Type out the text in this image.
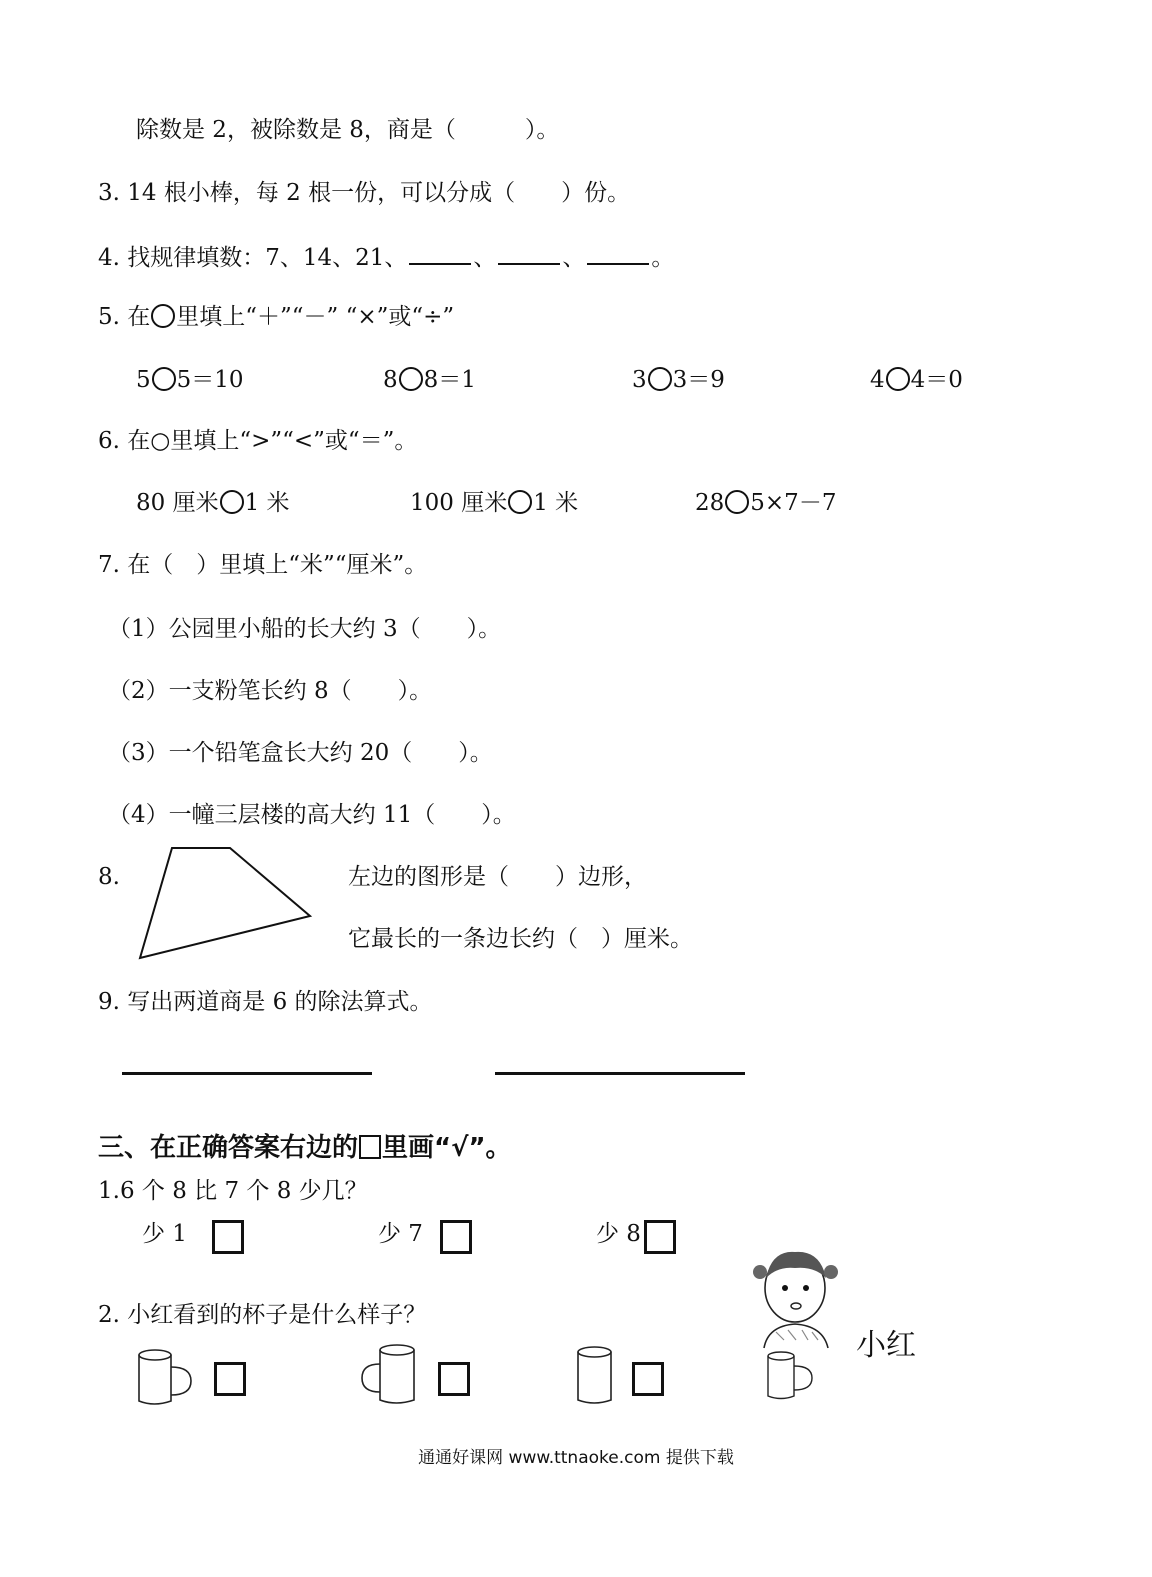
除数是 2，被除数是 8，商是（　　　）。
3. 14 根小棒，每 2 根一份，可以分成（　　）份。
4. 找规律填数：7、14、21、	、	、	。
5. 在 里填上“＋”“－” “×”或“÷”
5 5＝10	8 8＝1	3 3＝9	4 4＝0
6. 在○里填上“>”“<”或“＝”。
80 厘米 1 米	100 厘米 1 米	28 5×7－7
7. 在（　）里填上“米”“厘米”。
（1）公园里小船的长大约 3（　　）。
（2）一支粉笔长约 8（　　）。
（3）一个铅笔盒长大约 20（　　）。
（4）一幢三层楼的高大约 11（　　）。
8.	左边的图形是（　　）边形，
它最长的一条边长约（　）厘米。
9. 写出两道商是 6 的除法算式。
三、在正确答案右边的 里画“√”。
1.6 个 8 比 7 个 8 少几？
少 1	少 7	少 8
小红
2. 小红看到的杯子是什么样子？
通通好课网 www.ttnaoke.com 提供下载
